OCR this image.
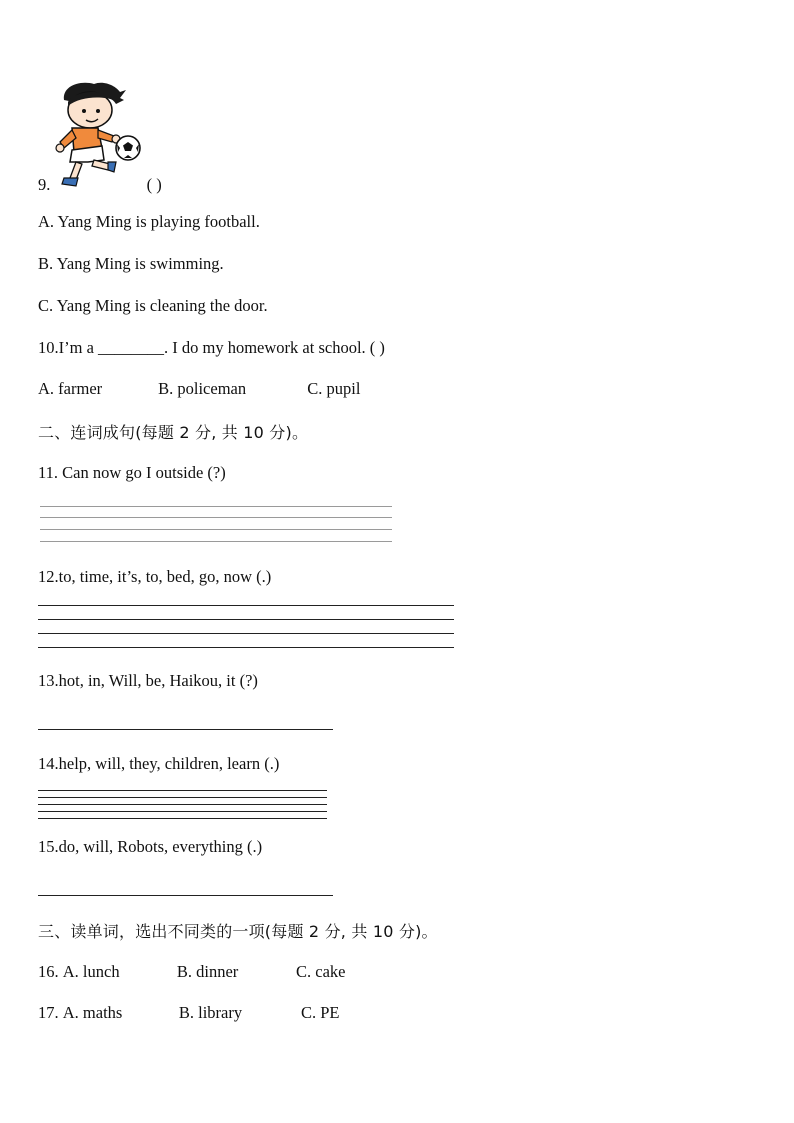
9.	( )
A. Yang Ming is playing football.
B. Yang Ming is swimming.
C. Yang Ming is cleaning the door.
10.I’m a ________. I do my homework at school. ( )
A. farmer	B. policeman	C. pupil
二、连词成句(每题 2 分, 共 10 分)。
11. Can now go I outside (?)
12.to, time, it’s, to, bed, go, now (.)
13.hot, in, Will, be, Haikou, it (?)
14.help, will, they, children, learn (.)
15.do, will, Robots, everything (.)
三、读单词，选出不同类的一项(每题 2 分, 共 10 分)。
16. A. lunch	B. dinner	C. cake
17. A. maths	B. library	C. PE
